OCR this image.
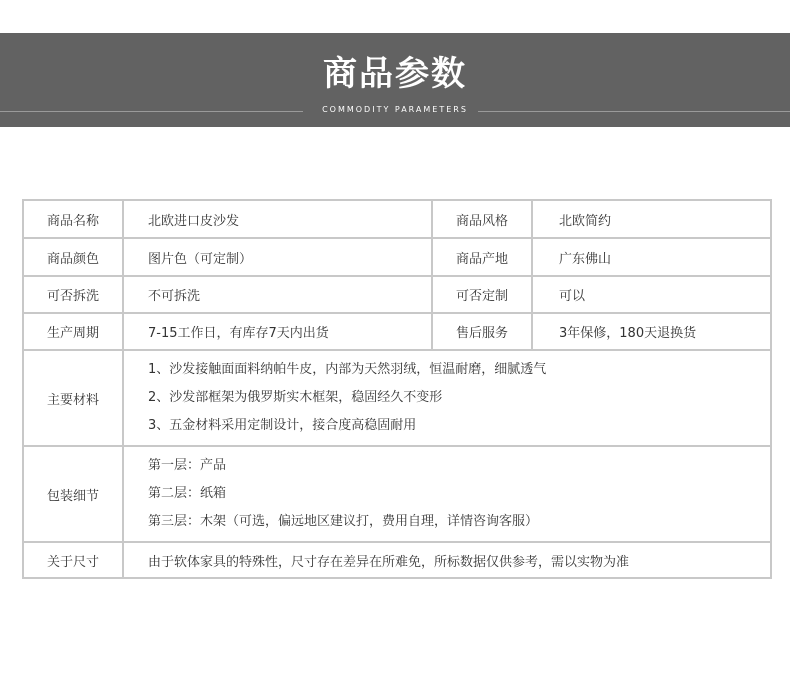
商品参数
COMMODITY PARAMETERS
商品名称	北欧进口皮沙发	商品风格	北欧简约
商品颜色	图片色（可定制）	商品产地	广东佛山
可否拆洗	不可拆洗	可否定制	可以
生产周期	7-15工作日，有库存7天内出货	售后服务	3年保修，180天退换货
主要材料	1、沙发接触面面料纳帕牛皮，内部为天然羽绒，恒温耐磨，细腻透气
2、沙发部框架为俄罗斯实木框架，稳固经久不变形
3、五金材料采用定制设计，接合度高稳固耐用		

包装细节	第一层：产品
第二层：纸箱
第三层：木架（可选，偏远地区建议打，费用自理，详情咨询客服）		

关于尺寸	由于软体家具的特殊性，尺寸存在差异在所难免，所标数据仅供参考，需以实物为准		
